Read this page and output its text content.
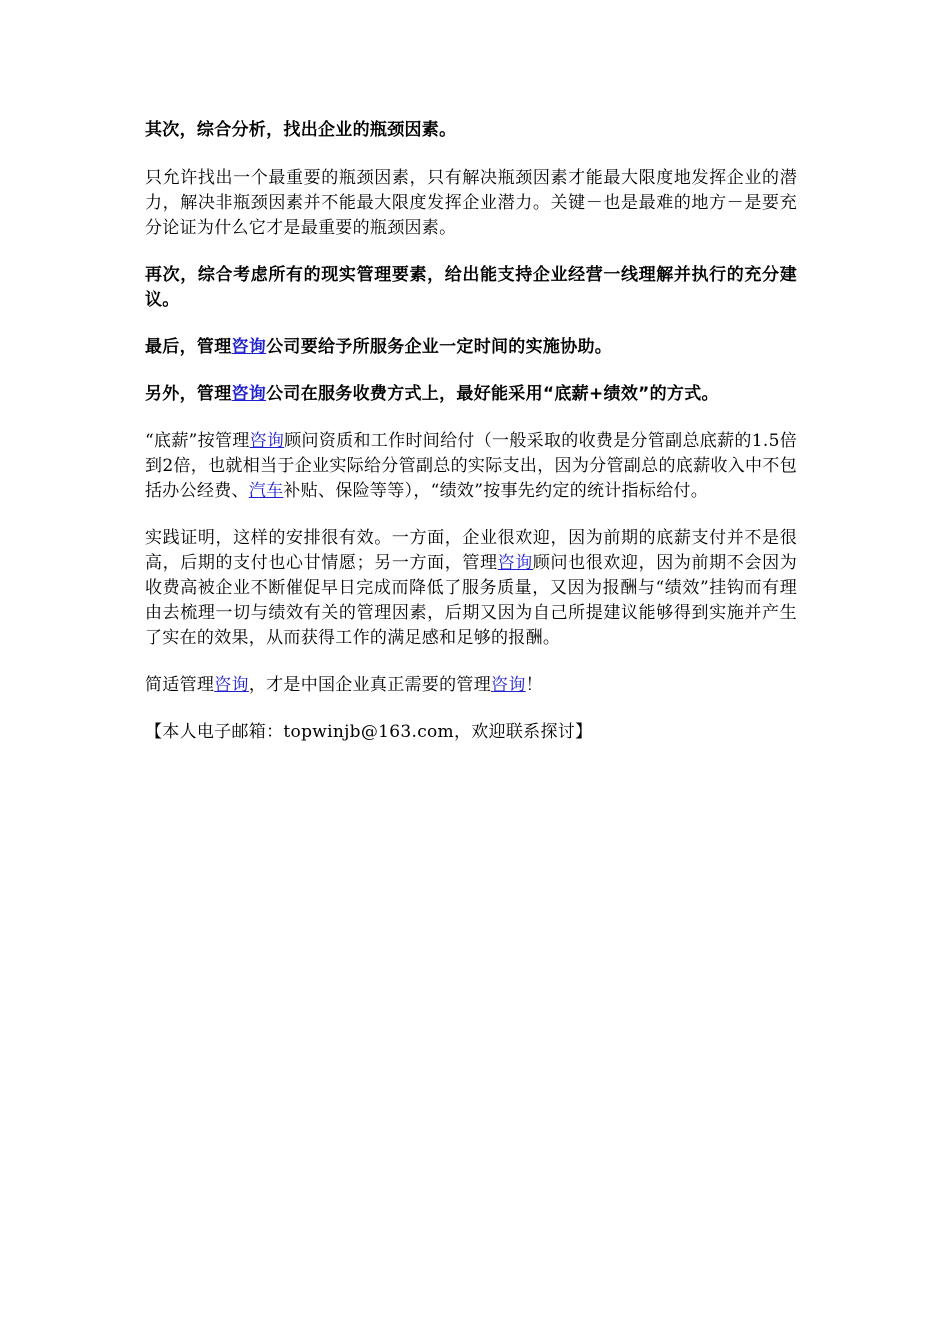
其次，综合分析，找出企业的瓶颈因素。

只允许找出一个最重要的瓶颈因素，只有解决瓶颈因素才能最大限度地发挥企业的潜力，解决非瓶颈因素并不能最大限度发挥企业潜力。关键－也是最难的地方－是要充分论证为什么它才是最重要的瓶颈因素。

再次，综合考虑所有的现实管理要素，给出能支持企业经营一线理解并执行的充分建议。

最后，管理咨询公司要给予所服务企业一定时间的实施协助。

另外，管理咨询公司在服务收费方式上，最好能采用“底薪+绩效”的方式。

“底薪”按管理咨询顾问资质和工作时间给付（一般采取的收费是分管副总底薪的1.5倍到2倍，也就相当于企业实际给分管副总的实际支出，因为分管副总的底薪收入中不包括办公经费、汽车补贴、保险等等），“绩效”按事先约定的统计指标给付。

实践证明，这样的安排很有效。一方面，企业很欢迎，因为前期的底薪支付并不是很高，后期的支付也心甘情愿；另一方面，管理咨询顾问也很欢迎，因为前期不会因为收费高被企业不断催促早日完成而降低了服务质量，又因为报酬与“绩效”挂钩而有理由去梳理一切与绩效有关的管理因素，后期又因为自己所提建议能够得到实施并产生了实在的效果，从而获得工作的满足感和足够的报酬。

简适管理咨询，才是中国企业真正需要的管理咨询！

【本人电子邮箱：topwinjb@163.com，欢迎联系探讨】
